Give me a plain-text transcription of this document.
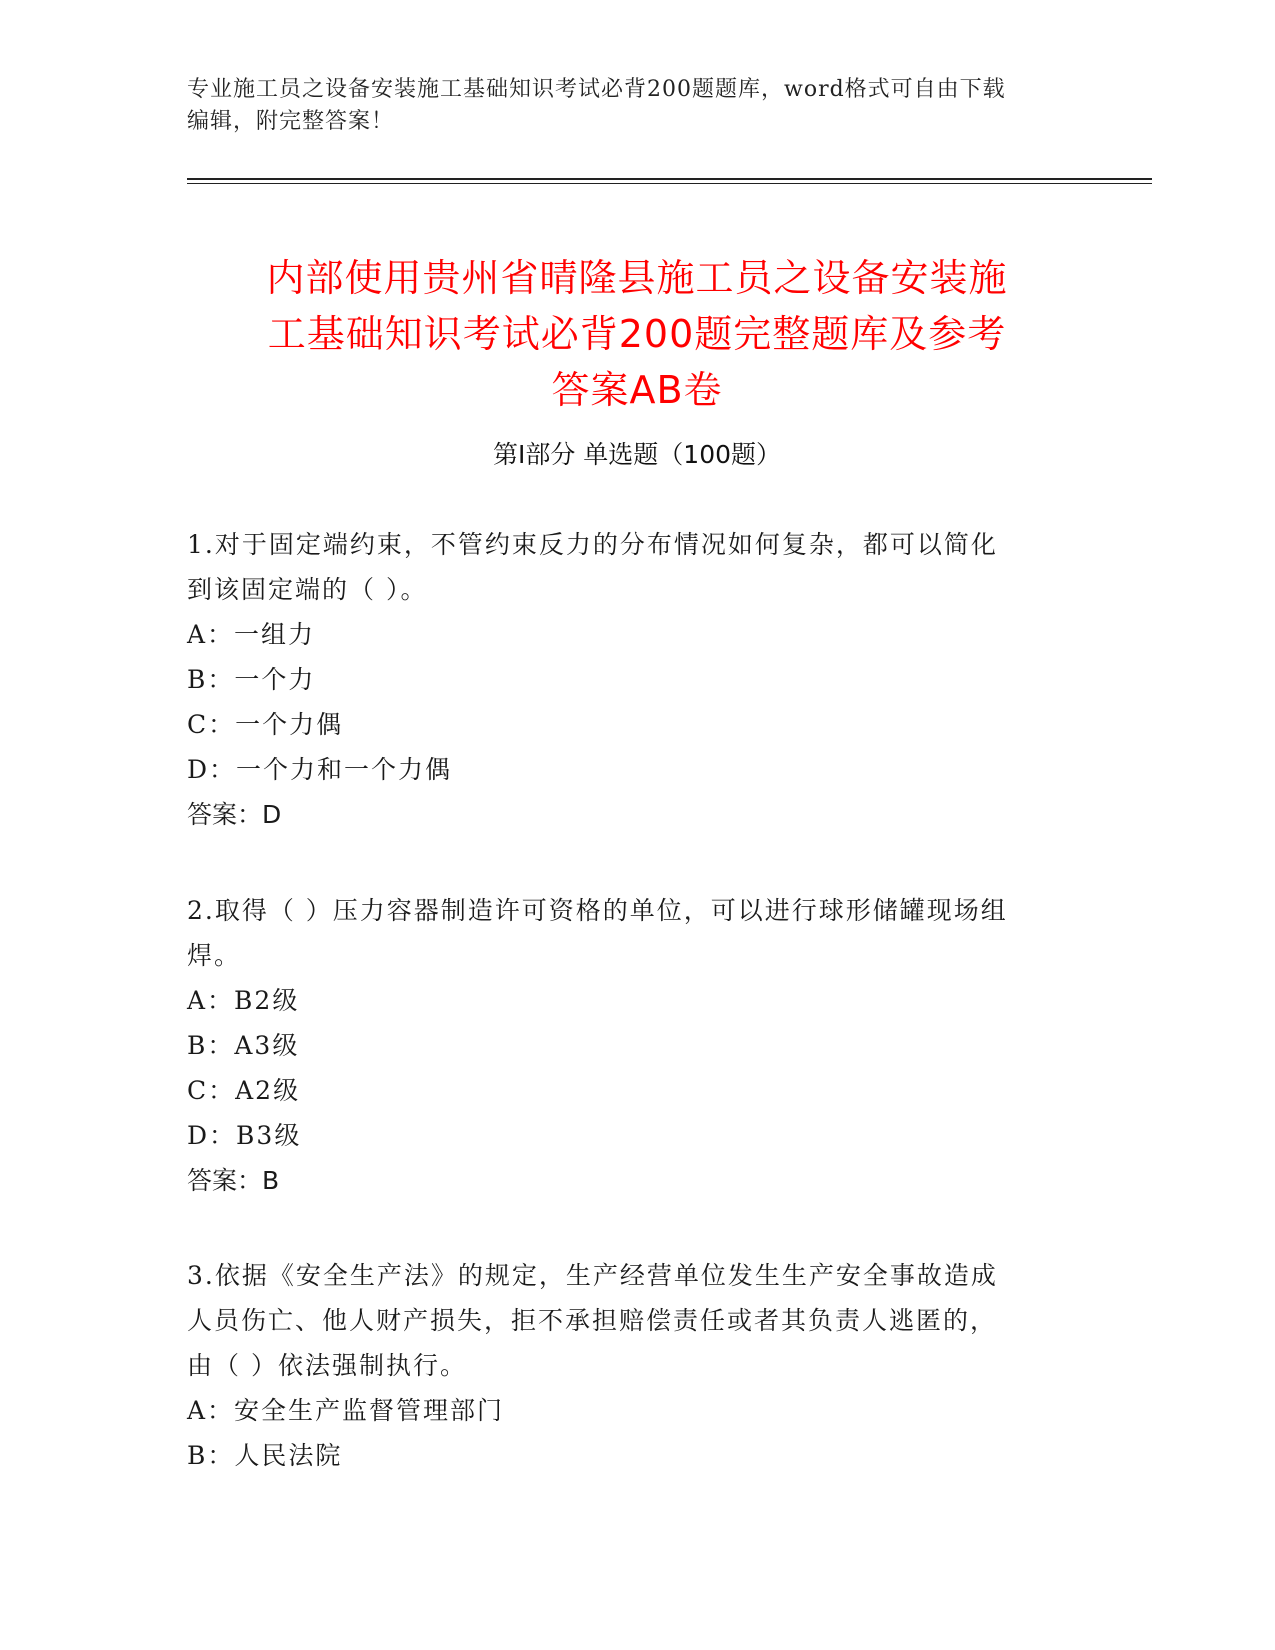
专业施工员之设备安装施工基础知识考试必背200题题库，word格式可自由下载
编辑，附完整答案！
内部使用贵州省晴隆县施工员之设备安装施
工基础知识考试必背200题完整题库及参考
答案AB卷
第Ⅰ部分 单选题（100题）

1.对于固定端约束，不管约束反力的分布情况如何复杂，都可以简化

到该固定端的（ ）。

A：一组力

B：一个力

C：一个力偶

D：一个力和一个力偶

答案：D

2.取得（ ）压力容器制造许可资格的单位，可以进行球形储罐现场组

焊。

A：B2级

B：A3级

C：A2级

D：B3级

答案：B

3.依据《安全生产法》的规定，生产经营单位发生生产安全事故造成

人员伤亡、他人财产损失，拒不承担赔偿责任或者其负责人逃匿的，

由（ ）依法强制执行。

A：安全生产监督管理部门

B：人民法院
